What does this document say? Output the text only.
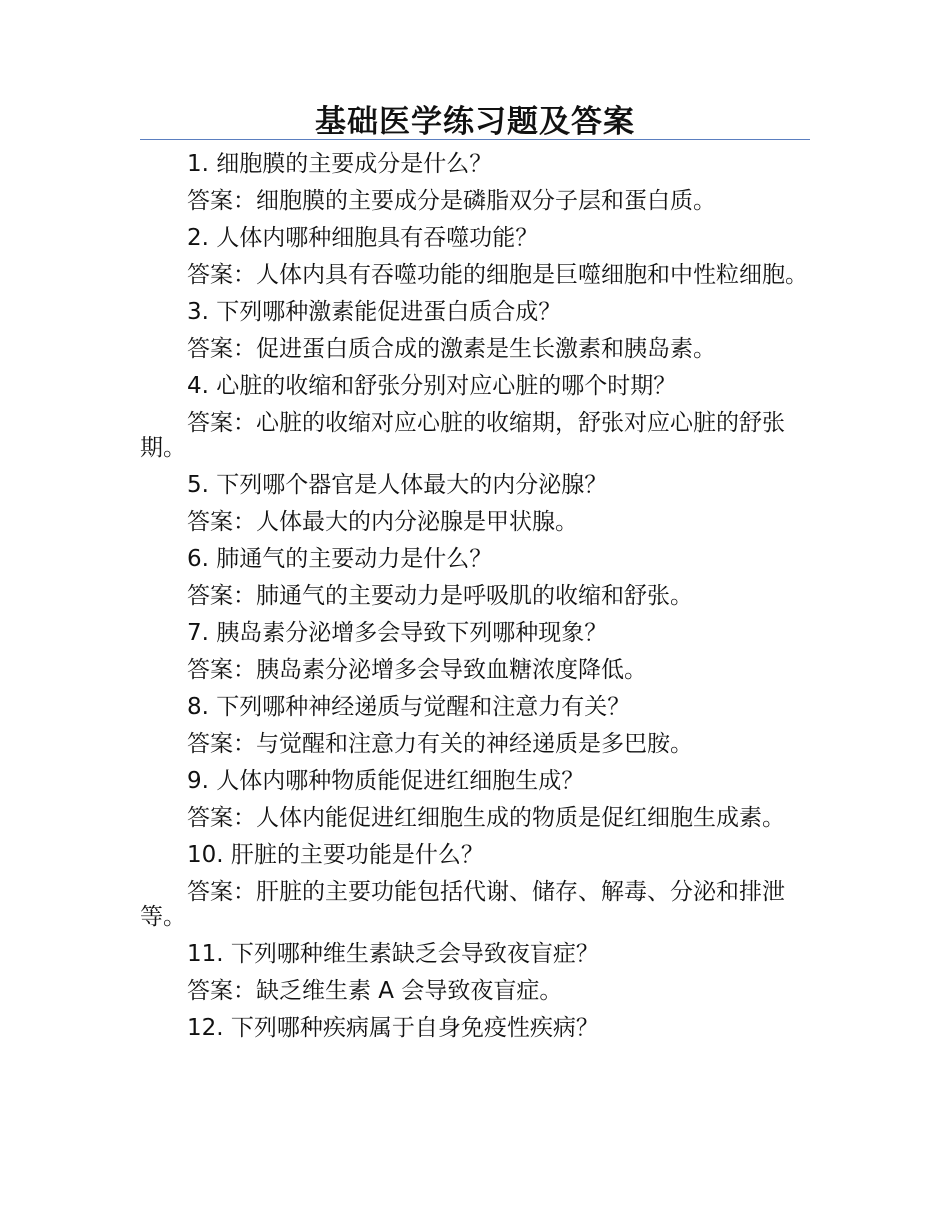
基础医学练习题及答案

1. 细胞膜的主要成分是什么？

答案：细胞膜的主要成分是磷脂双分子层和蛋白质。

2. 人体内哪种细胞具有吞噬功能？

答案：人体内具有吞噬功能的细胞是巨噬细胞和中性粒细胞。

3. 下列哪种激素能促进蛋白质合成？

答案：促进蛋白质合成的激素是生长激素和胰岛素。

4. 心脏的收缩和舒张分别对应心脏的哪个时期？

答案：心脏的收缩对应心脏的收缩期，舒张对应心脏的舒张期。

5. 下列哪个器官是人体最大的内分泌腺？

答案：人体最大的内分泌腺是甲状腺。

6. 肺通气的主要动力是什么？

答案：肺通气的主要动力是呼吸肌的收缩和舒张。

7. 胰岛素分泌增多会导致下列哪种现象？

答案：胰岛素分泌增多会导致血糖浓度降低。

8. 下列哪种神经递质与觉醒和注意力有关？

答案：与觉醒和注意力有关的神经递质是多巴胺。

9. 人体内哪种物质能促进红细胞生成？

答案：人体内能促进红细胞生成的物质是促红细胞生成素。

10. 肝脏的主要功能是什么？

答案：肝脏的主要功能包括代谢、储存、解毒、分泌和排泄等。

11. 下列哪种维生素缺乏会导致夜盲症？

答案：缺乏维生素 A 会导致夜盲症。

12. 下列哪种疾病属于自身免疫性疾病？
